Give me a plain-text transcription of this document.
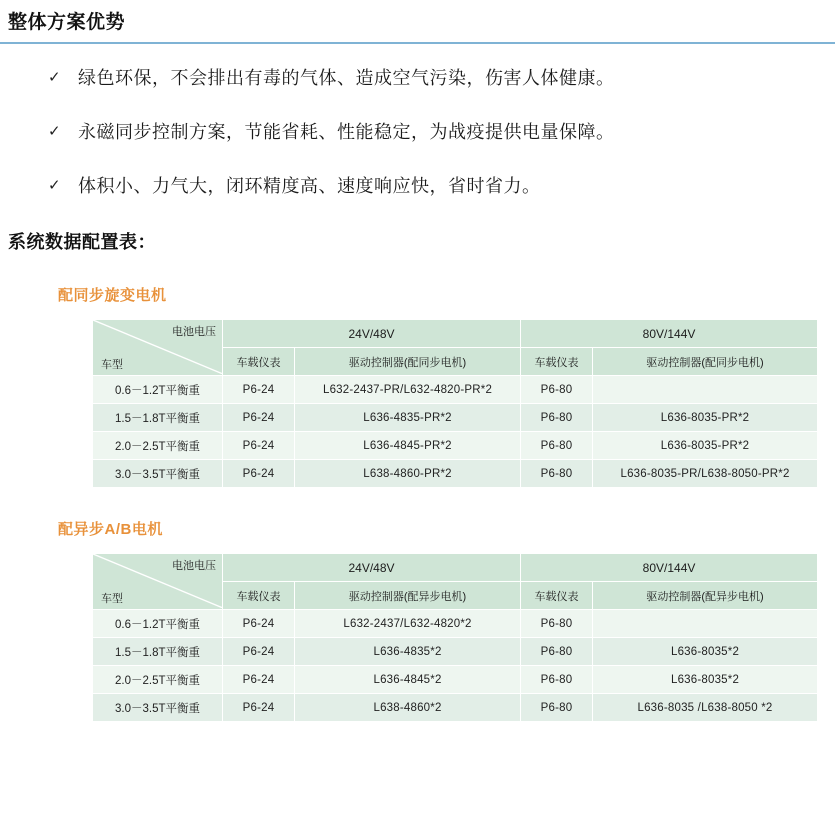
整体方案优势
✓ 绿色环保，不会排出有毒的气体、造成空气污染，伤害人体健康。
✓ 永磁同步控制方案，节能省耗、性能稳定，为战疫提供电量保障。
✓ 体积小、力气大，闭环精度高、速度响应快，省时省力。
系统数据配置表：
配同步旋变电机
电池电压
车型	24V/48V		80V/144V	
	车载仪表	驱动控制器(配同步电机)	车载仪表	驱动控制器(配同步电机)
0.6－1.2T平衡重	P6-24	L632-2437-PR/L632-4820-PR*2	P6-80	
1.5－1.8T平衡重	P6-24	L636-4835-PR*2	P6-80	L636-8035-PR*2
2.0－2.5T平衡重	P6-24	L636-4845-PR*2	P6-80	L636-8035-PR*2
3.0－3.5T平衡重	P6-24	L638-4860-PR*2	P6-80	L636-8035-PR/L638-8050-PR*2
配异步A/B电机
电池电压
车型	24V/48V		80V/144V	
	车载仪表	驱动控制器(配异步电机)	车载仪表	驱动控制器(配异步电机)
0.6－1.2T平衡重	P6-24	L632-2437/L632-4820*2	P6-80	
1.5－1.8T平衡重	P6-24	L636-4835*2	P6-80	L636-8035*2
2.0－2.5T平衡重	P6-24	L636-4845*2	P6-80	L636-8035*2
3.0－3.5T平衡重	P6-24	L638-4860*2	P6-80	L636-8035 /L638-8050 *2
